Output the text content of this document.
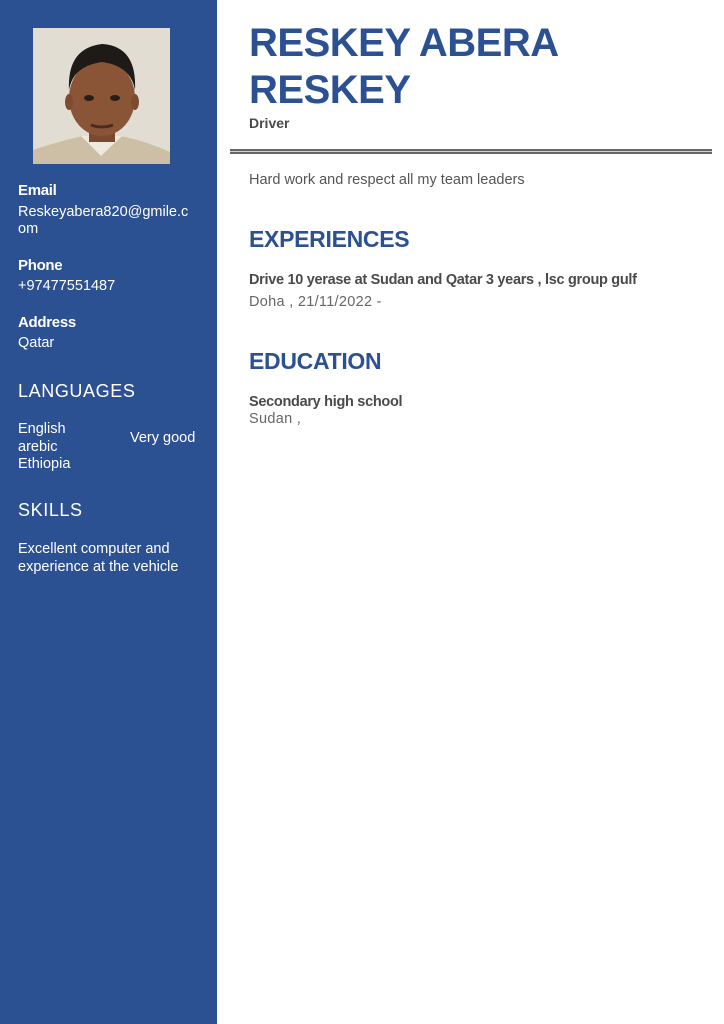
Email
Reskeyabera820@gmile.com
Phone
+97477551487
Address
Qatar
LANGUAGES
English
arebic
Ethiopia
Very good
SKILLS
Excellent computer and experience at the vehicle
RESKEY ABERA RESKEY
Driver
Hard work and respect all my team leaders
EXPERIENCES
Drive 10 yerase at Sudan and Qatar 3 years , lsc group gulf
Doha , 21/11/2022 -
EDUCATION
Secondary high school
Sudan ,
